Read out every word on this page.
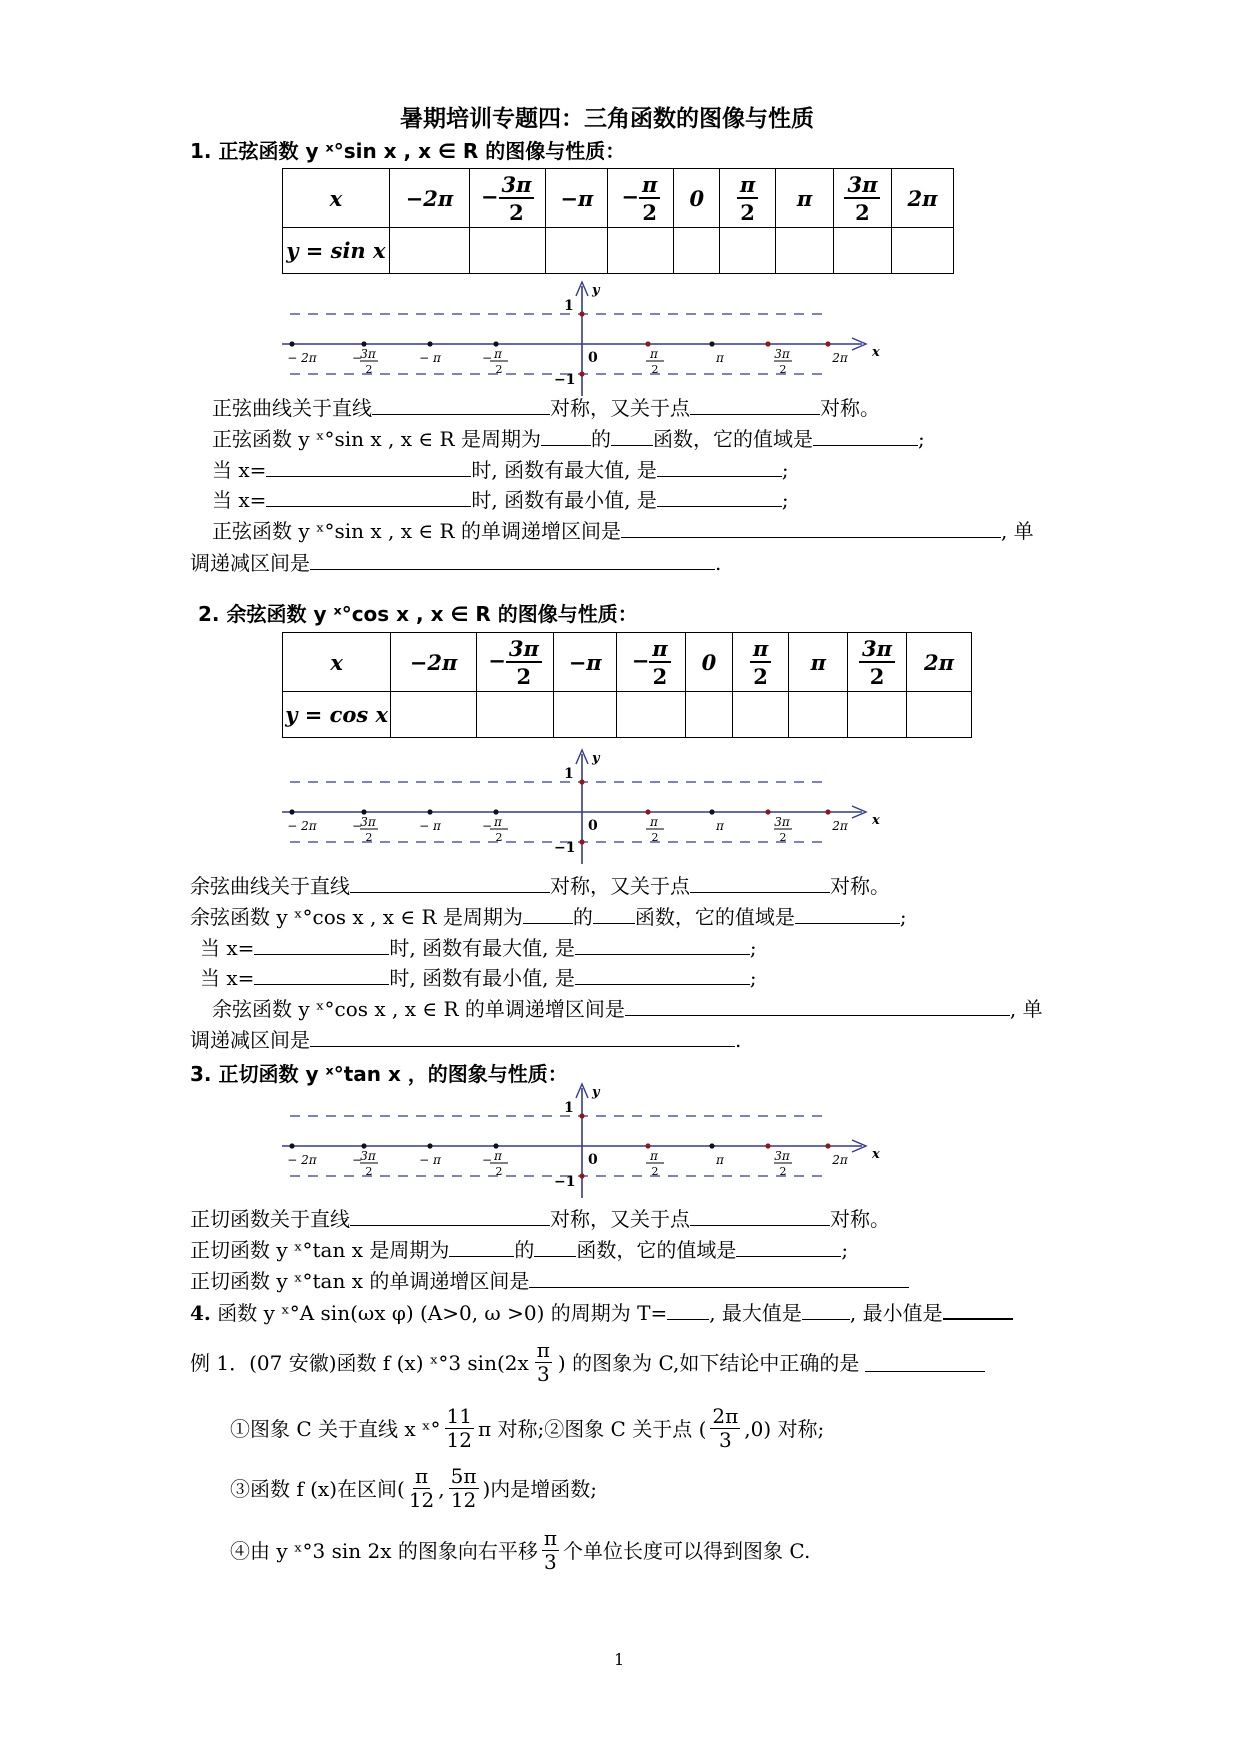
暑期培训专题四：三角函数的图像与性质
1. 正弦函数 y ˣ°sin x , x ∈ R 的图像与性质：
x	−2π	− $\frac{3\pi}{2}$	−π	− $\frac{\pi}{2}$	0	$\frac{\pi}{2}$	π	$\frac{3\pi}{2}$	2π
y = sin x									
y
x
1
−1
0
− 2π	−
3π
2
− π	− π
2
π
2
π	3π
2
2π
正弦曲线关于直线	对称，又关于点	对称。
正弦函数 y ˣ°sin x , x ∈ R 是周期为	的 函数，它的值域是	;
当 x=	时, 函数有最大值, 是	;
当 x=	时, 函数有最小值, 是	;
正弦函数 y ˣ°sin x , x ∈ R 的单调递增区间是	, 单
调递减区间是	.
2. 余弦函数 y ˣ°cos x , x ∈ R 的图像与性质：
x	−2π	− $\frac{3\pi}{2}$	−π	− $\frac{\pi}{2}$	0	$\frac{\pi}{2}$	π	$\frac{3\pi}{2}$	2π
y = cos x									
y
x
1
−1
0
− 2π	−
3π
2
− π	− π
2
π
2
π	3π
2
2π
余弦曲线关于直线	对称，又关于点	对称。
余弦函数 y ˣ°cos x , x ∈ R 是周期为	的 函数，它的值域是	;
当 x=	时, 函数有最大值, 是	;
当 x=	时, 函数有最小值, 是	;
余弦函数 y ˣ°cos x , x ∈ R 的单调递增区间是	, 单
调递减区间是	.
3. 正切函数 y ˣ°tan x ，的图象与性质：
y
x
1
−1
0
− 2π	−
3π
2
− π	− π
2
π
2
π	3π
2
2π
正切函数关于直线	对称，又关于点	对称。
正切函数 y ˣ°tan x 是周期为	的 函数，它的值域是	;
正切函数 y ˣ°tan x 的单调递增区间是
4. 函数 y ˣ°A sin(ωx φ) (A>0, ω >0) 的周期为 T= , 最大值是 , 最小值是
例 1．(07 安徽)函数 f (x) ˣ°3 sin(2x
π
3 ) 的图象为 C,如下结论中正确的是
①图象 C 关于直线 x ˣ°
11
12 π 对称;②图象 C 关于点 (
2π
3 ,0) 对称;
③函数 f (x)在区间(
π
12 ,
5π
12 )内是增函数;
④由 y ˣ°3 sin 2x 的图象向右平移
π
3 个单位长度可以得到图象 C.
1
